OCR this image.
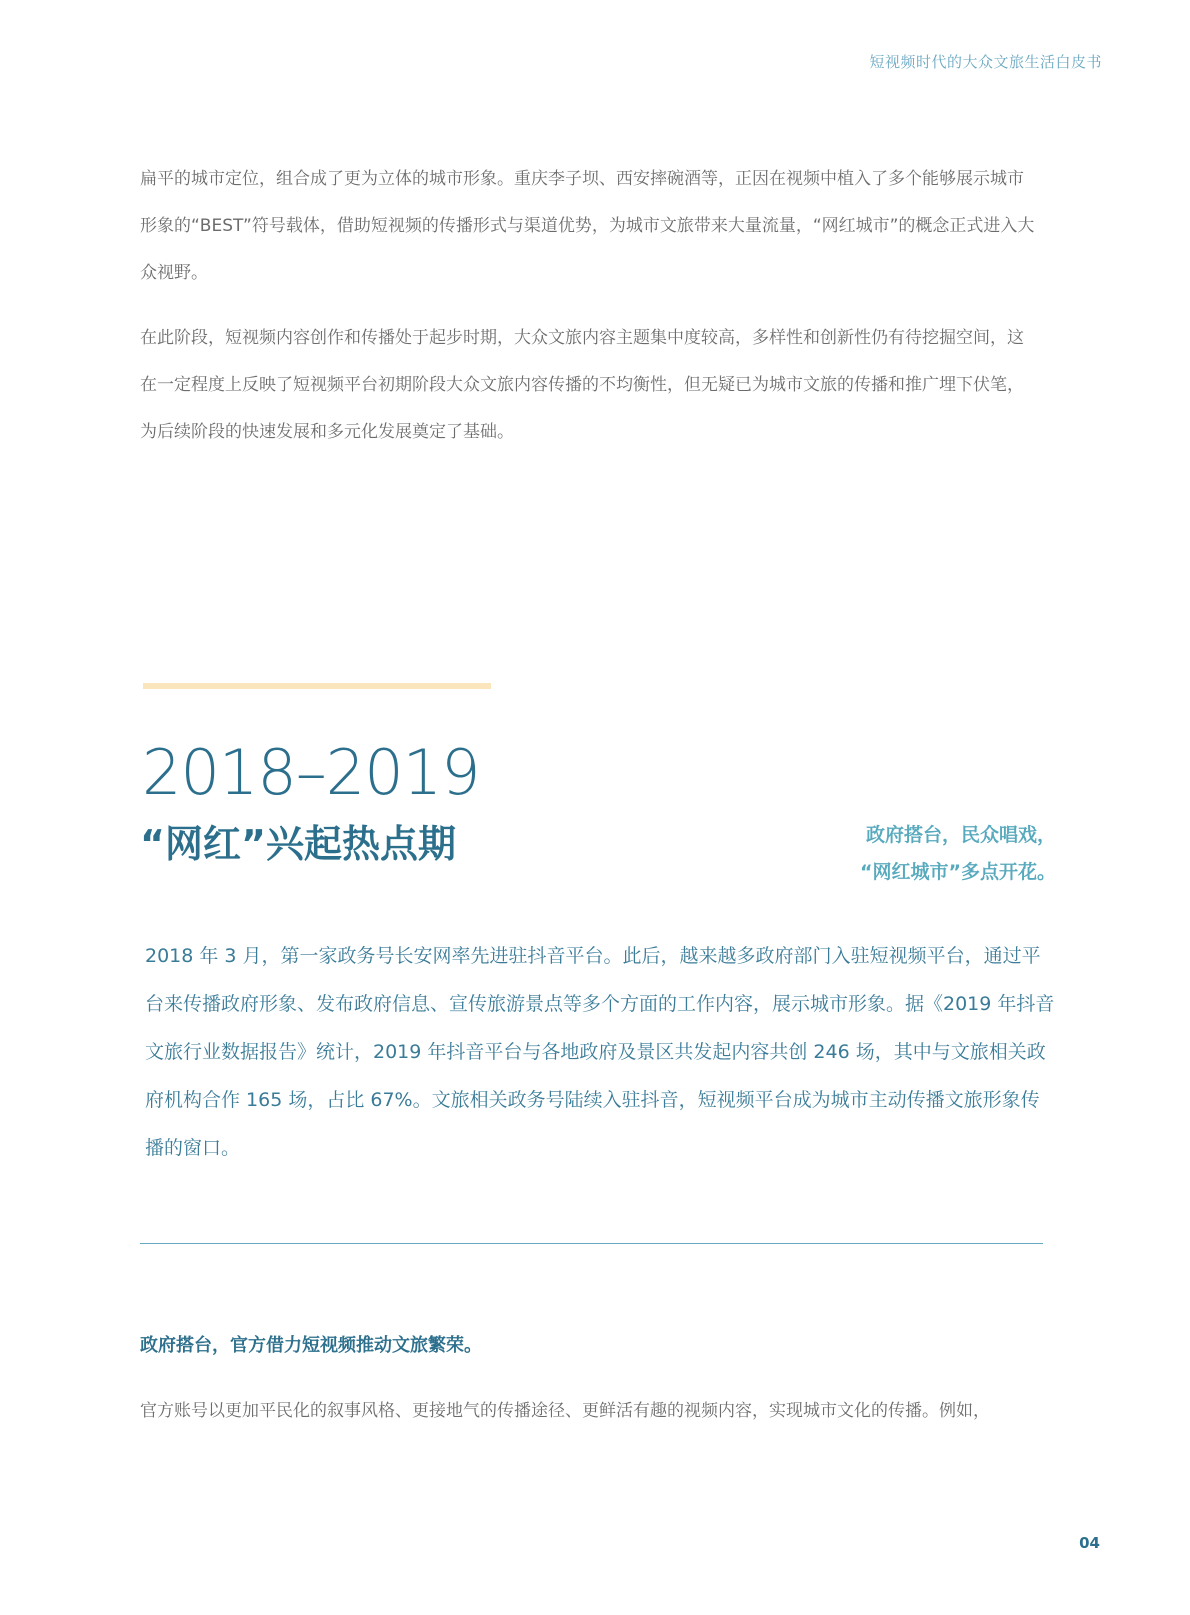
短视频时代的大众文旅生活白皮书

扁平的城市定位，组合成了更为立体的城市形象。重庆李子坝、西安摔碗酒等，正因在视频中植入了多个能够展示城市形象的“BEST”符号载体，借助短视频的传播形式与渠道优势，为城市文旅带来大量流量，“网红城市”的概念正式进入大众视野。

在此阶段，短视频内容创作和传播处于起步时期，大众文旅内容主题集中度较高，多样性和创新性仍有待挖掘空间，这在一定程度上反映了短视频平台初期阶段大众文旅内容传播的不均衡性，但无疑已为城市文旅的传播和推广埋下伏笔，为后续阶段的快速发展和多元化发展奠定了基础。

2018–2019
“网红”兴起热点期	政府搭台，民众唱戏，
“网红城市”多点开花。

2018 年 3 月，第一家政务号长安网率先进驻抖音平台。此后，越来越多政府部门入驻短视频平台，通过平台来传播政府形象、发布政府信息、宣传旅游景点等多个方面的工作内容，展示城市形象。据《2019 年抖音文旅行业数据报告》统计，2019 年抖音平台与各地政府及景区共发起内容共创 246 场，其中与文旅相关政府机构合作 165 场，占比 67%。文旅相关政务号陆续入驻抖音，短视频平台成为城市主动传播文旅形象传播的窗口。

政府搭台，官方借力短视频推动文旅繁荣。

官方账号以更加平民化的叙事风格、更接地气的传播途径、更鲜活有趣的视频内容，实现城市文化的传播。例如，

04
